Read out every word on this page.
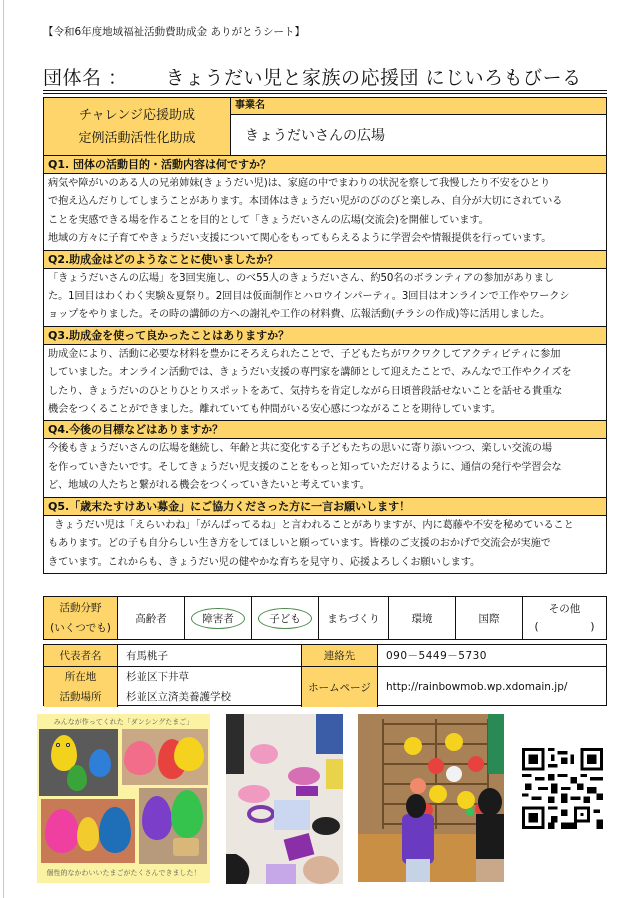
【令和6年度地域福祉活動費助成金 ありがとうシート】
団体名 ： きょうだい児と家族の応援団 にじいろもびーる
チャレンジ応援助成
定例活動活性化助成
事業名
きょうだいさんの広場
Q1. 団体の活動目的・活動内容は何ですか？
病気や障がいのある人の兄弟姉妹(きょうだい児)は、家庭の中でまわりの状況を察して我慢したり不安をひとり
で抱え込んだりしてしまうことがあります。本団体はきょうだい児がのびのびと楽しみ、自分が大切にされている
ことを実感できる場を作ることを目的として「きょうだいさんの広場(交流会)を開催しています。
地域の方々に子育てやきょうだい支援について関心をもってもらえるように学習会や情報提供を行っています。
Q2.助成金はどのようなことに使いましたか？
「きょうだいさんの広場」を3回実施し、のべ55人のきょうだいさん、約50名のボランティアの参加がありまし
た。1回目はわくわく実験＆夏祭り。2回目は仮面制作とハロウインパーティ。3回目はオンラインで工作やワークシ
ョップをやりました。その時の講師の方への謝礼や工作の材料費、広報活動(チラシの作成)等に活用しました。
Q3.助成金を使って良かったことはありますか？
助成金により、活動に必要な材料を豊かにそろえられたことで、子どもたちがワクワクしてアクティビティに参加
していました。オンライン活動では、きょうだい支援の専門家を講師として迎えたことで、みんなで工作やクイズを
したり、きょうだいのひとりひとりスポットをあて、気持ちを肯定しながら日頃普段話せないことを話せる貴重な
機会をつくることができました。離れていても仲間がいる安心感につながることを期待しています。
Q4.今後の目標などはありますか？
今後もきょうだいさんの広場を継続し、年齢と共に変化する子どもたちの思いに寄り添いつつ、楽しい交流の場
を作っていきたいです。そしてきょうだい児支援のことをもっと知っていただけるように、通信の発行や学習会な
ど、地域の人たちと繋がれる機会をつくっていきたいと考えています。
Q5.「歳末たすけあい募金」にご協力くださった方に一言お願いします！
きょうだい児は「えらいわね」「がんばってるね」と言われることがありますが、内に葛藤や不安を秘めていること
もあります。どの子も自分らしい生き方をしてほしいと願っています。皆様のご支援のおかげで交流会が実施で
きています。これからも、きょうだい児の健やかな育ちを見守り、応援よろしくお願いします。
活動分野
(いくつでも)
高齢者	障害者	子ども	まちづくり	環境	国際
その他
(	)
代表者名	有馬桃子	連絡先	090－5449－5730
所在地
活動場所
杉並区下井草
杉並区立済美養護学校
ホームページ	http://rainbowmob.wp.xdomain.jp/
みんなが作ってくれた「ダンシングたまご」
個性的なかわいいたまごがたくさんできました！
